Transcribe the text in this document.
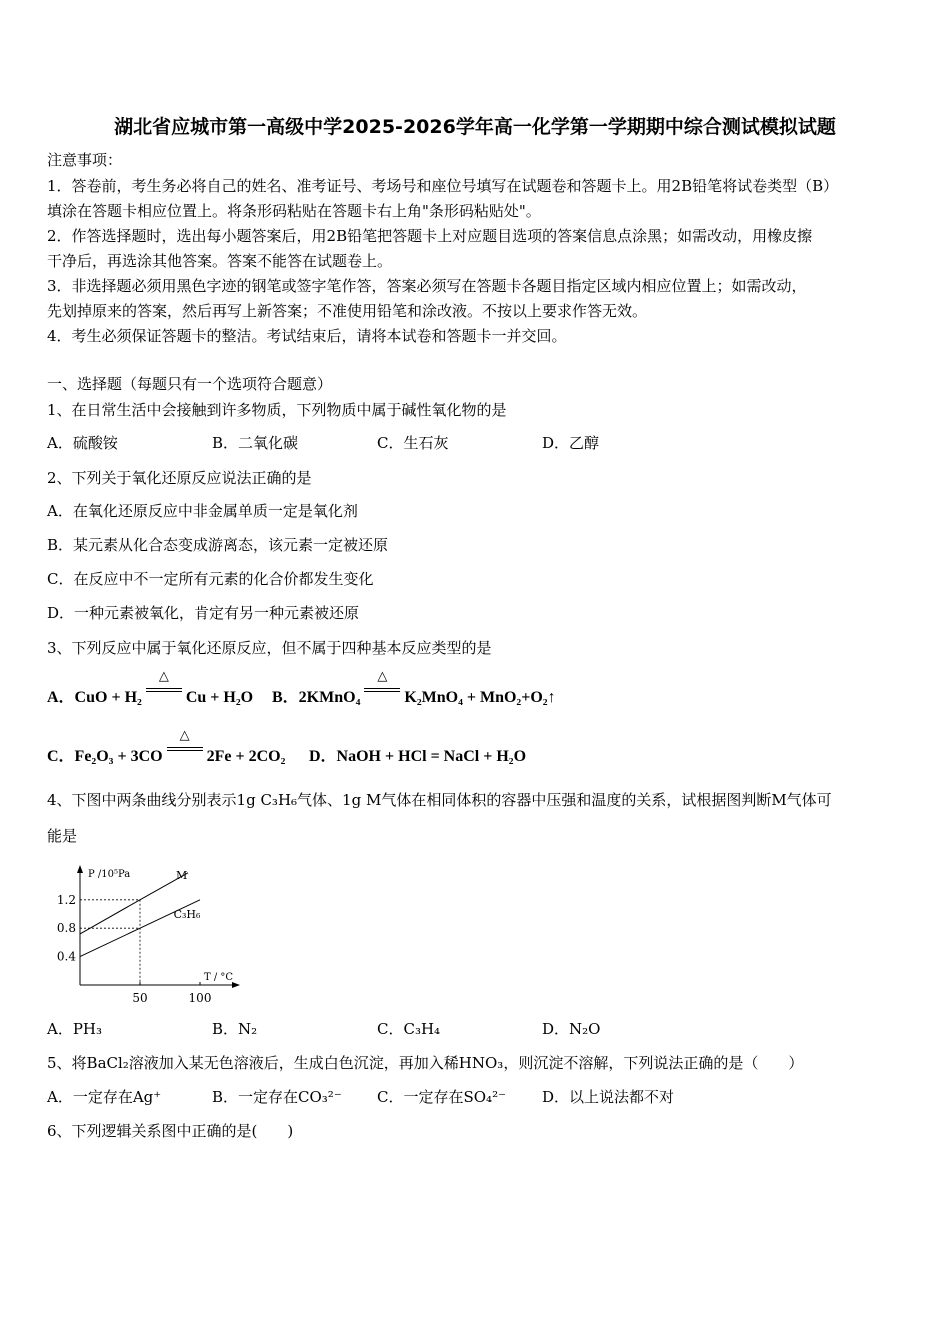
湖北省应城市第一高级中学2025-2026学年高一化学第一学期期中综合测试模拟试题
注意事项：
1．答卷前，考生务必将自己的姓名、准考证号、考场号和座位号填写在试题卷和答题卡上。用2B铅笔将试卷类型（B）
填涂在答题卡相应位置上。将条形码粘贴在答题卡右上角"条形码粘贴处"。
2．作答选择题时，选出每小题答案后，用2B铅笔把答题卡上对应题目选项的答案信息点涂黑；如需改动，用橡皮擦
干净后，再选涂其他答案。答案不能答在试题卷上。
3．非选择题必须用黑色字迹的钢笔或签字笔作答，答案必须写在答题卡各题目指定区域内相应位置上；如需改动，
先划掉原来的答案，然后再写上新答案；不准使用铅笔和涂改液。不按以上要求作答无效。
4．考生必须保证答题卡的整洁。考试结束后，请将本试卷和答题卡一并交回。
一、选择题（每题只有一个选项符合题意）
1、在日常生活中会接触到许多物质，下列物质中属于碱性氧化物的是
A．硫酸铵	B．二氧化碳	C．生石灰	D．乙醇
2、下列关于氧化还原反应说法正确的是
A．在氧化还原反应中非金属单质一定是氧化剂
B．某元素从化合态变成游离态，该元素一定被还原
C．在反应中不一定所有元素的化合价都发生变化
D．一种元素被氧化，肯定有另一种元素被还原
3、下列反应中属于氧化还原反应，但不属于四种基本反应类型的是
A．CuO + H₂
△
Cu + H₂O B．2KMnO₄
△
K₂MnO₄ + MnO₂+O₂↑
C．Fe₂O₃ + 3CO
△
2Fe + 2CO₂ D．NaOH + HCl = NaCl + H₂O
4、下图中两条曲线分别表示1g C₃H₆气体、1g M气体在相同体积的容器中压强和温度的关系，试根据图判断M气体可
能是
P /10⁵Pa
T / °C
1.2
0.8
0.4
50	100
M
C₃H₆
A．PH₃	B．N₂	C．C₃H₄	D．N₂O
5、将BaCl₂溶液加入某无色溶液后，生成白色沉淀，再加入稀HNO₃，则沉淀不溶解，下列说法正确的是（　　）
A．一定存在Ag⁺	B．一定存在CO₃²⁻ C．一定存在SO₄²⁻ D．以上说法都不对
6、下列逻辑关系图中正确的是(　　)
